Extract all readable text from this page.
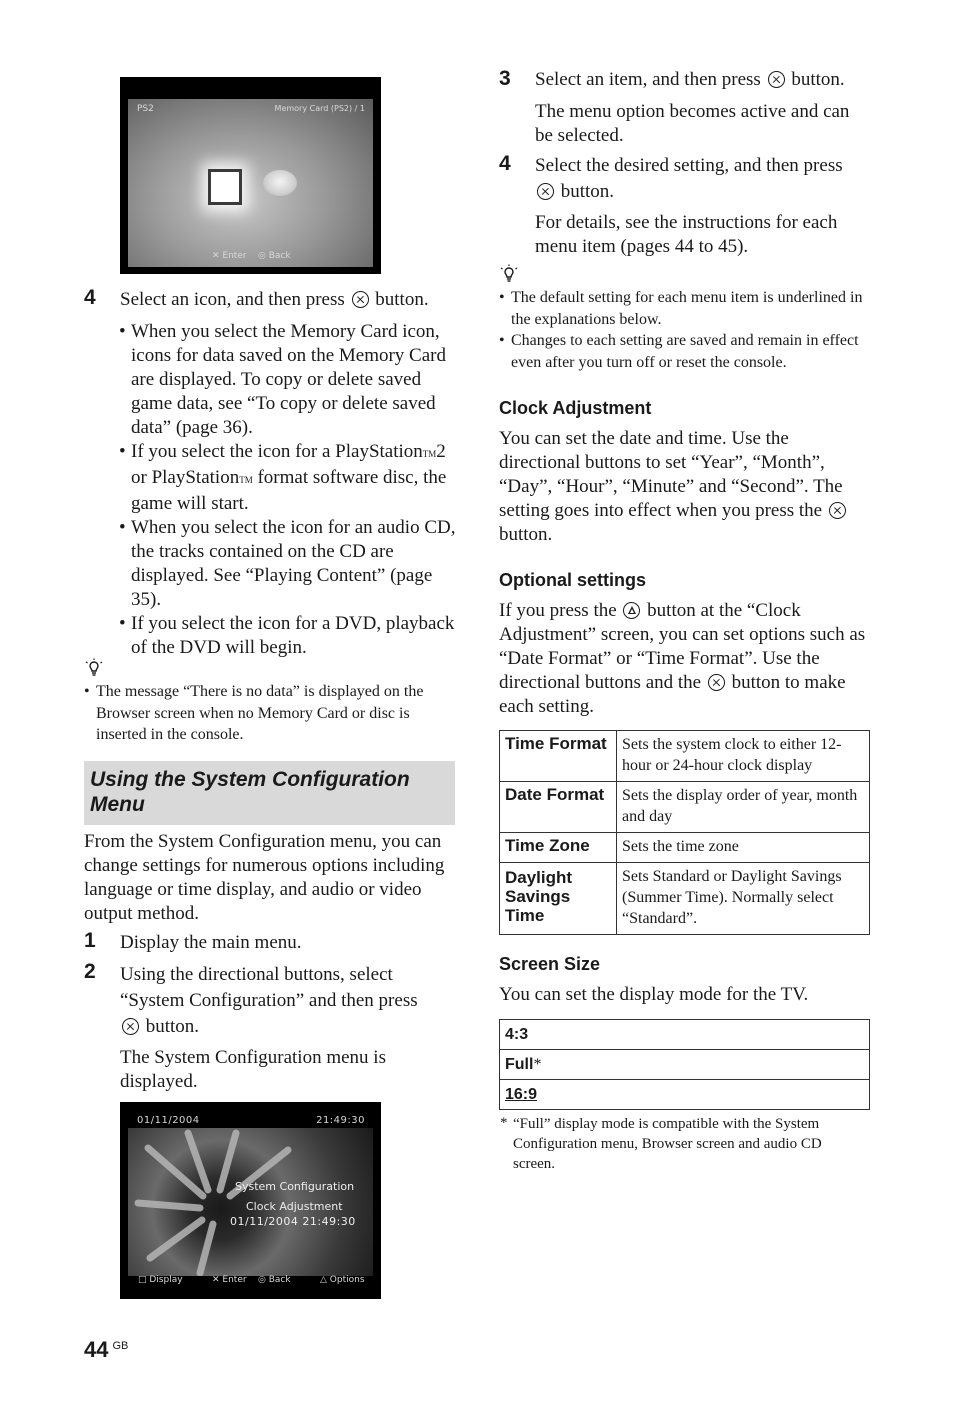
PS2	Memory Card (PS2) / 1
✕ Enter ◎ Back
4 Select an icon, and then press button.
• When you select the Memory Card icon, icons for data saved on the Memory Card are displayed. To copy or delete saved game data, see “To copy or delete saved data” (page 36).
• If you select the icon for a PlayStationTM2 or PlayStationTM format software disc, the game will start.
• When you select the icon for an audio CD, the tracks contained on the CD are displayed. See “Playing Content” (page 35).
• If you select the icon for a DVD, playback of the DVD will begin.
• The message “There is no data” is displayed on the Browser screen when no Memory Card or disc is inserted in the console.
Using the System Configuration Menu
From the System Configuration menu, you can change settings for numerous options including language or time display, and audio or video output method.
1 Display the main menu.
2 Using the directional buttons, select “System Configuration” and then press
button.
The System Configuration menu is displayed.
01/11/2004	21:49:30
System Configuration
Clock Adjustment
01/11/2004 21:49:30
□ Display	✕ Enter ◎ Back	△ Options
44 $^{GB}$
3 Select an item, and then press button.
The menu option becomes active and can be selected.
4 Select the desired setting, and then press
button.
For details, see the instructions for each menu item (pages 44 to 45).
• The default setting for each menu item is underlined in the explanations below.
• Changes to each setting are saved and remain in effect even after you turn off or reset the console.
Clock Adjustment
You can set the date and time. Use the directional buttons to set “Year”, “Month”, “Day”, “Hour”, “Minute” and “Second”. The setting goes into effect when you press the  button.
Optional settings
If you press the button at the “Clock Adjustment” screen, you can set options such as “Date Format” or “Time Format”. Use the directional buttons and the button to make each setting.
Time Format	Sets the system clock to either 12-hour or 24-hour clock display
Date Format	Sets the display order of year, month and day
Time Zone	Sets the time zone
Daylight Savings Time	Sets Standard or Daylight Savings (Summer Time). Normally select “Standard”.
Screen Size
You can set the display mode for the TV.
4:3
Full*
16:9
* “Full” display mode is compatible with the System Configuration menu, Browser screen and audio CD screen.
